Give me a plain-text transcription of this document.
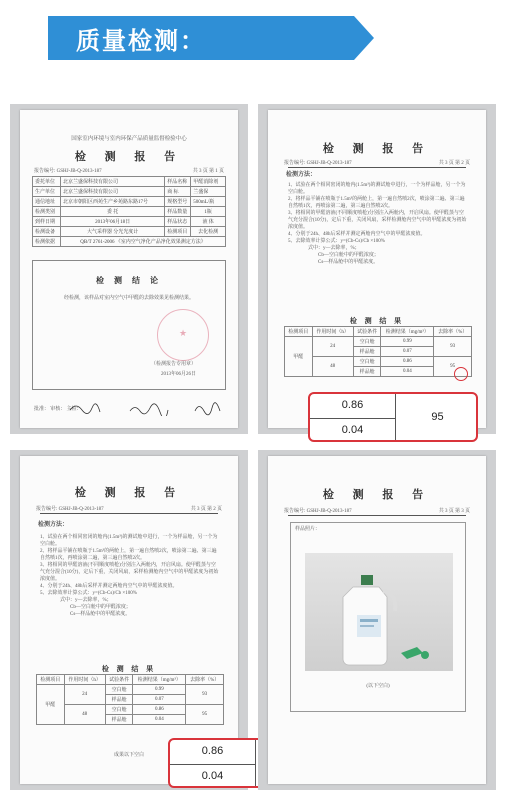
质量检测：
国家室内环境与室内环保产品质量监督检验中心
检 测 报 告
报告编号: GSHJ-JB-Q-2013-187	共 3 页 第 1 页
委托单位	北京兰盛保科技有限公司	样品名称	甲醛消除剂
生产单位	北京兰盛保科技有限公司	商 标	兰盛保
通信地址	北京市朝阳区西苑生产乡苑路东路17号	规格型号	500mL/瓶
检测类别	委 托	样品数量	1瓶
到样日期	2013年06月18日	样品状态	液 体
检测设备	大气采样器 分光光度计	检测项目	去化检测
检测依据	QB/T 2761-2006 《室内空气净化产品净化效果测定方法》		
检 测 结 论
经检测，该样品对室内空气中甲醛的去除效果见检测结果。
★
（检测报告专用章）
2013年06月26日
批准： 审核： 主检：
检 测 报 告
报告编号: GSHJ-JB-Q-2013-187	共 3 页 第 2 页
检测方法：
1、试验在两个相同密闭的舱内(1.5m³)的测试舱中进行，一个为样品舱，另一个为空白舱。
2、将样品平铺在喷瓶于1.5m³的两舱上，第一遍自然喷2次，喷涂第二遍、第三遍自然喷1次，再喷涂第二遍，第三遍自然喷2次。
3、将相同的甲醛溶液(不同顺度喷枪)分别注入两舱内，开启风扇。使甲醛蒸与空气充分混合(10分)，定后下重，关闭风扇，采样检测舱内空气中的甲醛浓度为初始浓度值。
4、分别于24h、48h后采样并测定两舱内空气中的甲醛浓度值。
5、去除效率计算公式：y=(Cb-Cs)/Cb ×100%
式中：y—去除率，%；
Cb—空白舱中的甲醛浓度；
Cs—样品舱中的甲醛浓度。
检 测 结 果
检测项目	作用时间（h）	试验条件	检测结果（mg/m³）	去除率（%）
甲醛	24	空白舱	0.99	93
		样品舱	0.07	
	48	空白舱	0.86	95
		样品舱	0.04	
0.86
0.04
95
检 测 报 告
报告编号: GSHJ-JB-Q-2013-187	共 3 页 第 2 页
检测方法：
1、试验在两个相同密闭的舱内(1.5m³)的测试舱中进行，一个为样品舱，另一个为空白舱。
2、将样品平铺在喷瓶于1.5m³的两舱上，第一遍自然喷2次，喷涂第二遍、第三遍自然喷1次，再喷涂第二遍，第三遍自然喷2次。
3、将相同的甲醛溶液(不同顺度喷枪)分别注入两舱内，开启风扇。使甲醛蒸与空气充分混合(10分)，定后下重，关闭风扇，采样检测舱内空气中的甲醛浓度为初始浓度值。
4、分别于24h、48h后采样并测定两舱内空气中的甲醛浓度值。
5、去除效率计算公式：y=(Cb-Cs)/Cb ×100%
式中：y—去除率，%；
Cb—空白舱中的甲醛浓度；
Cs—样品舱中的甲醛浓度。
检 测 结 果
检测项目	作用时间（h）	试验条件	检测结果（mg/m³）	去除率（%）
甲醛	24	空白舱	0.99	93
		样品舱	0.07	
	48	空白舱	0.86	95
		样品舱	0.04	
成果以下空白	0.86
0.04
检 测 报 告
报告编号: GSHJ-JB-Q-2013-187	共 3 页 第 3 页
样品照片：
(以下空白)
